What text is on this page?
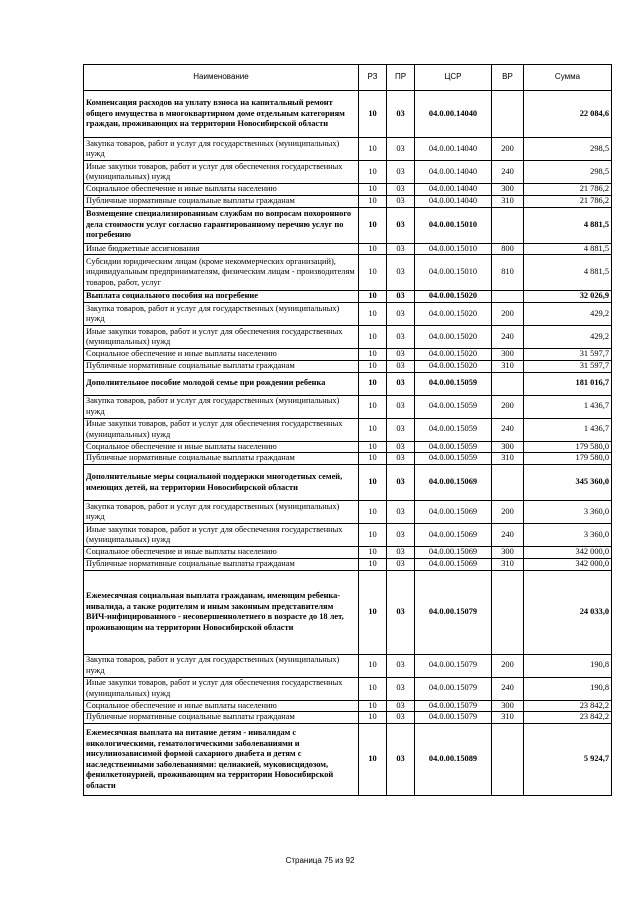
Наименование	РЗ	ПР	ЦСР	ВР	Сумма
Компенсация расходов на уплату взноса на капитальный ремонт общего имущества в многоквартирном доме отдельным категориям граждан, проживающих на территории Новосибирской области	10	03	04.0.00.14040		22 084,6
Закупка товаров, работ и услуг для государственных (муниципальных) нужд	10	03	04.0.00.14040	200	298,5
Иные закупки товаров, работ и услуг для обеспечения государственных (муниципальных) нужд	10	03	04.0.00.14040	240	298,5
Социальное обеспечение и иные выплаты населению	10	03	04.0.00.14040	300	21 786,2
Публичные нормативные социальные выплаты гражданам	10	03	04.0.00.14040	310	21 786,2
Возмещение специализированным службам по вопросам похоронного дела стоимости услуг согласно гарантированному перечню услуг по погребению	10	03	04.0.00.15010		4 881,5
Иные бюджетные ассигнования	10	03	04.0.00.15010	800	4 881,5
Субсидии юридическим лицам (кроме некоммерческих организаций), индивидуальным предпринимателям, физическим лицам - производителям товаров, работ, услуг	10	03	04.0.00.15010	810	4 881,5
Выплата социального пособия на погребение	10	03	04.0.00.15020		32 026,9
Закупка товаров, работ и услуг для государственных (муниципальных) нужд	10	03	04.0.00.15020	200	429,2
Иные закупки товаров, работ и услуг для обеспечения государственных (муниципальных) нужд	10	03	04.0.00.15020	240	429,2
Социальное обеспечение и иные выплаты населению	10	03	04.0.00.15020	300	31 597,7
Публичные нормативные социальные выплаты гражданам	10	03	04.0.00.15020	310	31 597,7
Дополнительное пособие молодой семье при рождении ребенка	10	03	04.0.00.15059		181 016,7
Закупка товаров, работ и услуг для государственных (муниципальных) нужд	10	03	04.0.00.15059	200	1 436,7
Иные закупки товаров, работ и услуг для обеспечения государственных (муниципальных) нужд	10	03	04.0.00.15059	240	1 436,7
Социальное обеспечение и иные выплаты населению	10	03	04.0.00.15059	300	179 580,0
Публичные нормативные социальные выплаты гражданам	10	03	04.0.00.15059	310	179 580,0
Дополнительные меры социальной поддержки многодетных семей, имеющих детей, на территории Новосибирской области	10	03	04.0.00.15069		345 360,0
Закупка товаров, работ и услуг для государственных (муниципальных) нужд	10	03	04.0.00.15069	200	3 360,0
Иные закупки товаров, работ и услуг для обеспечения государственных (муниципальных) нужд	10	03	04.0.00.15069	240	3 360,0
Социальное обеспечение и иные выплаты населению	10	03	04.0.00.15069	300	342 000,0
Публичные нормативные социальные выплаты гражданам	10	03	04.0.00.15069	310	342 000,0
Ежемесячная социальная выплата гражданам, имеющим ребенка-инвалида, а также родителям и иным законным представителям ВИЧ-инфицированного - несовершеннолетнего в возрасте до 18 лет, проживающим на территории Новосибирской области	10	03	04.0.00.15079		24 033,0
Закупка товаров, работ и услуг для государственных (муниципальных) нужд	10	03	04.0.00.15079	200	190,8
Иные закупки товаров, работ и услуг для обеспечения государственных (муниципальных) нужд	10	03	04.0.00.15079	240	190,8
Социальное обеспечение и иные выплаты населению	10	03	04.0.00.15079	300	23 842,2
Публичные нормативные социальные выплаты гражданам	10	03	04.0.00.15079	310	23 842,2
Ежемесячная выплата на питание детям - инвалидам с онкологическими, гематологическими заболеваниями и инсулинозависимой формой сахарного диабета и детям с наследственными заболеваниями: целиакией, муковисцидозом, фенилкетонурией, проживающим на территории Новосибирской области	10	03	04.0.00.15089		5 924,7
Страница 75 из 92
